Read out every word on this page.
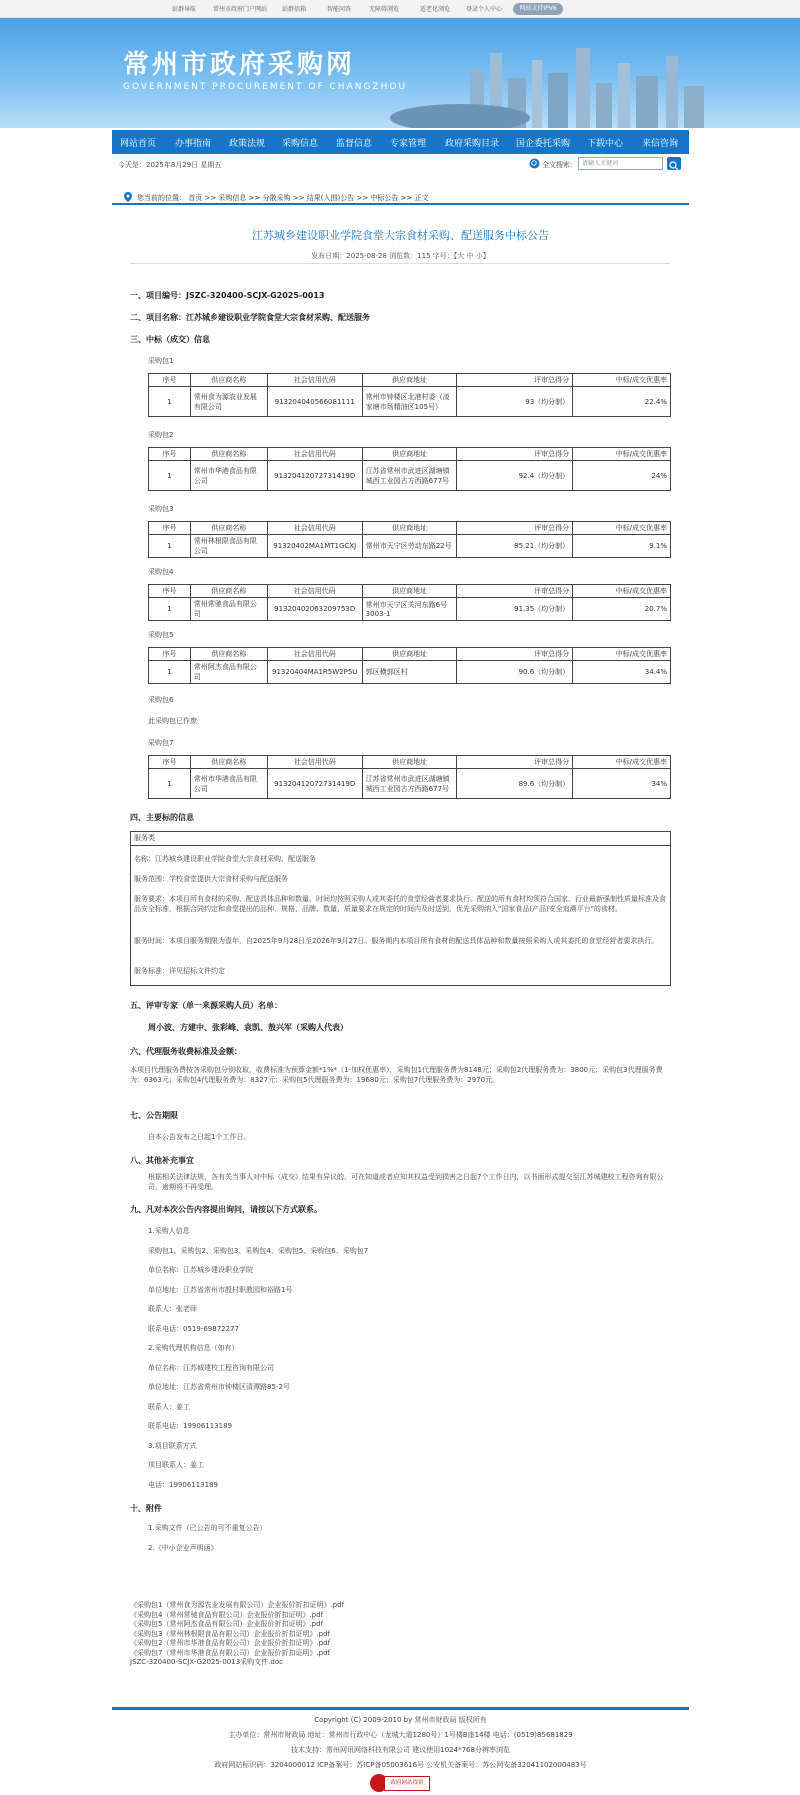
站群导航	常州市政府门户网站 站群信箱	智能问答	无障碍浏览	适老化浏览	登录个人中心	网站支持IPV6
常州市政府采购网
GOVERNMENT PROCUREMENT OF CHANGZHOU
网站首页 办事指南 政策法规 采购信息 监督信息 专家管理 政府采购目录 国企委托采购 下载中心 来信咨询
今天是：2025年8月29日 星期五	全文搜索:	请输入关键词
您当前的位置： 首页 >> 采购信息 >> 分散采购 >> 结果(入围)公告 >> 中标公告 >> 正文
江苏城乡建设职业学院食堂大宗食材采购、配送服务中标公告
发布日期：2025-08-28 浏览数：115 字号：【大 中 小】
一、项目编号：JSZC-320400-SCJX-G2025-0013
二、项目名称：江苏城乡建设职业学院食堂大宗食材采购、配送服务
三、中标（成交）信息
采购包1
序号	供应商名称	社会信用代码	供应商地址	评审总得分	中标/成交优惠率
1	常州食为源农业发展有限公司	913204040566081111	常州市钟楼区北港村委（凌家塘市场精油区105号）	93（均分制）	22.4%
采购包2
序号	供应商名称	社会信用代码	供应商地址	评审总得分	中标/成交优惠率
1	常州市华港食品有限公司	91320412072731419D	江苏省常州市武进区湖塘镇城西工业园古方西路677号	92.4（均分制）	24%
采购包3
序号	供应商名称	社会信用代码	供应商地址	评审总得分	中标/成交优惠率
1	常州林根限食品有限公司	91320402MA1MT1GCXJ	常州市天宁区劳动东路22号	85.21（均分制）	9.1%
采购包4
序号	供应商名称	社会信用代码	供应商地址	评审总得分	中标/成交优惠率
1	常州常驰食品有限公司	91320402063209753D	常州市天宁区关河东路6号3003-1	91.35（均分制）	20.7%
采购包5
序号	供应商名称	社会信用代码	供应商地址	评审总得分	中标/成交优惠率
1	常州阿杰食品有限公司	91320404MA1R5W2P5U	郭区横郭区村	90.6（均分制）	34.4%
采购包6
此采购包已作废
采购包7
序号	供应商名称	社会信用代码	供应商地址	评审总得分	中标/成交优惠率
1	常州市华港食品有限公司	91320412072731419D	江苏省常州市武进区湖塘镇城西工业园古方西路677号	89.6（均分制）	34%
四、主要标的信息
服务类
名称：江苏城乡建设职业学院食堂大宗食材采购、配送服务
服务范围：学校食堂提供大宗食材采购与配送服务
服务要求：本项目所有食材的采购、配送具体品种和数量、时间均按照采购人或其委托的食堂经营者要求执行。配送的所有食材均须符合国家、行业最新强制性质量标准及食品安全标准，根据合同约定和食堂提出的品种、规格、品牌、数量、质量要求在规定的时间内及时送到，优先采购纳入"国家食品(产品)安全追溯平台"的食材。
服务时间：本项目服务期限为壹年，自2025年9月28日至2026年9月27日。服务期内本项目所有食材的配送具体品种和数量按照采购人或其委托的食堂经营者要求执行。
服务标准：详见招标文件约定
五、评审专家（单一来源采购人员）名单：
周小波、方建中、张彩峰、袁凯、敖兴军（采购人代表）
六、代理服务收费标准及金额：
本项目代理服务费按各采购包分别收取，收费标准为预算金额*1%*（1-加权优惠率），采购包1代理服务费为8148元；采购包2代理服务费为：3800元；采购包3代理服务费为：6363元；采购包4代理服务费为：8327元；采购包5代理服务费为：19680元；采购包7代理服务费为：2970元。
七、公告期限
自本公告发布之日起1个工作日。
八、其他补充事宜
根据相关法律法规，各有关当事人对中标（成交）结果有异议的，可在知道或者应知其权益受到损害之日起7个工作日内，以书面形式提交至江苏城建校工程咨询有限公司，逾期将不再受理。
九、凡对本次公告内容提出询问，请按以下方式联系。
1.采购人信息
采购包1、采购包2、采购包3、采购包4、采购包5、采购包6、采购包7
单位名称：江苏城乡建设职业学院
单位地址：江苏省常州市殷村职教园和裕路1号
联系人：张老师
联系电话：0519-69872277
2.采购代理机构信息（如有）
单位名称：江苏城建校工程咨询有限公司
单位地址：江苏省常州市钟楼区清潭路85-2号
联系人：姜工
联系电话：19906113189
3.项目联系方式
项目联系人：姜工
电话：19906113189
十、附件
1.采购文件（已公告的可不重复公告）
2.《中小企业声明函》
《采购包1（常州食为源农业发展有限公司）企业报价折扣证明》.pdf
《采购包4（常州常驰食品有限公司）企业报价折扣证明》.pdf
《采购包5（常州阿杰食品有限公司）企业报价折扣证明》.pdf
《采购包3（常州林根限食品有限公司）企业报价折扣证明》.pdf
《采购包2（常州市华港食品有限公司）企业报价折扣证明》.pdf
《采购包7（常州市华港食品有限公司）企业报价折扣证明》.pdf
JSZC-320400-SCJX-G2025-0013采购文件.doc
Copyright (C) 2009-2010 by 常州市财政局 版权所有
主办单位：常州市财政局 地址：常州市行政中心（龙城大道1280号）1号楼B座14楼 电话：(0519)85681829
技术支持：常州网讯网络科技有限公司 建议使用1024*768分辨率浏览
政府网站标识码：3204000012 ICP备案号：苏ICP备05003616号 公安机关备案号：苏公网安备32041102000483号
政府网站找错
